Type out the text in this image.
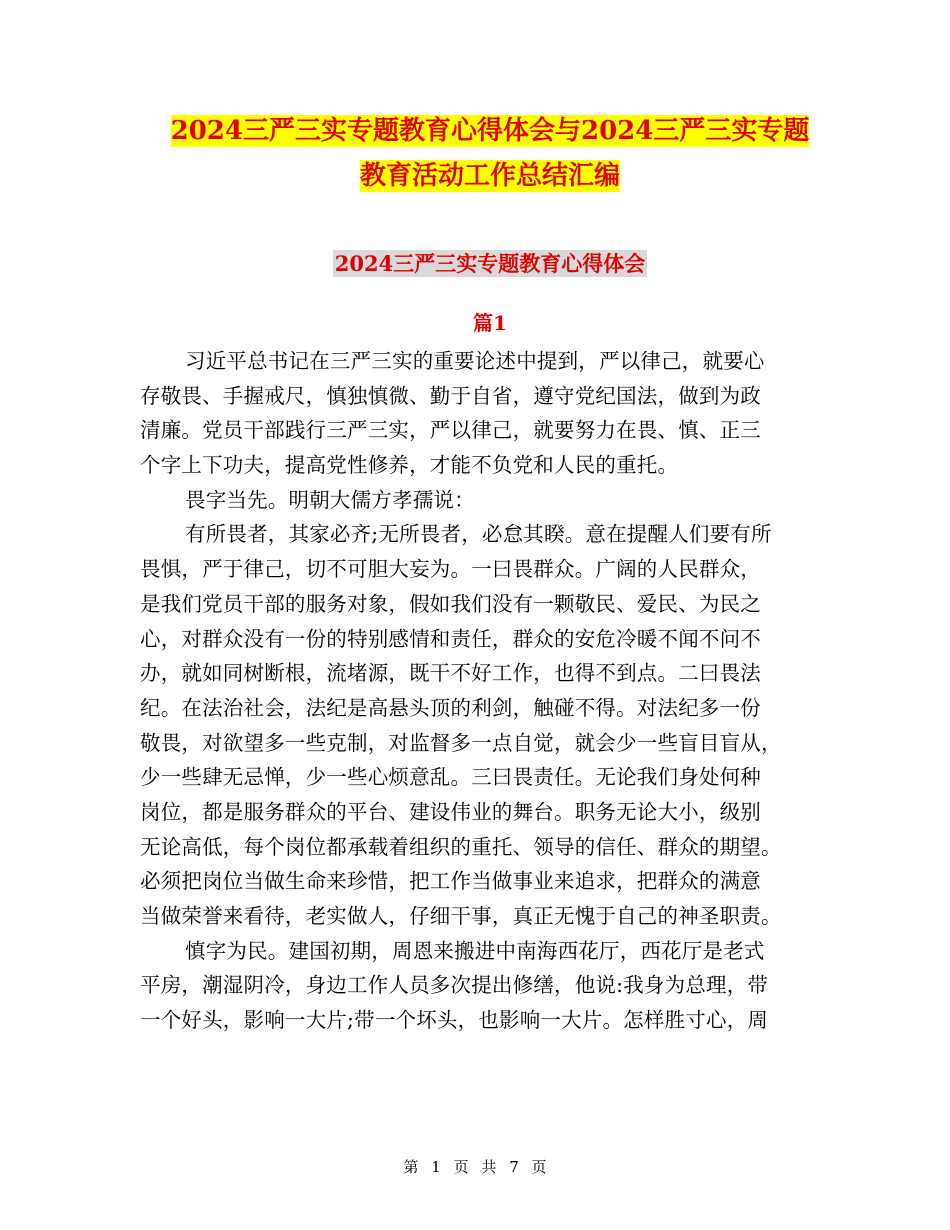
2024三严三实专题教育心得体会与2024三严三实专题
教育活动工作总结汇编
2024三严三实专题教育心得体会
篇1
习近平总书记在三严三实的重要论述中提到，严以律己，就要心
存敬畏、手握戒尺，慎独慎微、勤于自省，遵守党纪国法，做到为政
清廉。党员干部践行三严三实，严以律己，就要努力在畏、慎、正三
个字上下功夫，提高党性修养，才能不负党和人民的重托。
畏字当先。明朝大儒方孝孺说：
有所畏者，其家必齐;无所畏者，必怠其睽。意在提醒人们要有所
畏惧，严于律己，切不可胆大妄为。一曰畏群众。广阔的人民群众，
是我们党员干部的服务对象，假如我们没有一颗敬民、爱民、为民之
心，对群众没有一份的特别感情和责任，群众的安危冷暖不闻不问不
办，就如同树断根，流堵源，既干不好工作，也得不到点。二曰畏法
纪。在法治社会，法纪是高悬头顶的利剑，触碰不得。对法纪多一份
敬畏，对欲望多一些克制，对监督多一点自觉，就会少一些盲目盲从，
少一些肆无忌惮，少一些心烦意乱。三曰畏责任。无论我们身处何种
岗位，都是服务群众的平台、建设伟业的舞台。职务无论大小，级别
无论高低，每个岗位都承载着组织的重托、领导的信任、群众的期望。
必须把岗位当做生命来珍惜，把工作当做事业来追求，把群众的满意
当做荣誉来看待，老实做人，仔细干事，真正无愧于自己的神圣职责。
慎字为民。建国初期，周恩来搬进中南海西花厅，西花厅是老式
平房，潮湿阴冷，身边工作人员多次提出修缮，他说:我身为总理，带
一个好头，影响一大片;带一个坏头，也影响一大片。怎样胜寸心，周
第 1 页 共 7 页
